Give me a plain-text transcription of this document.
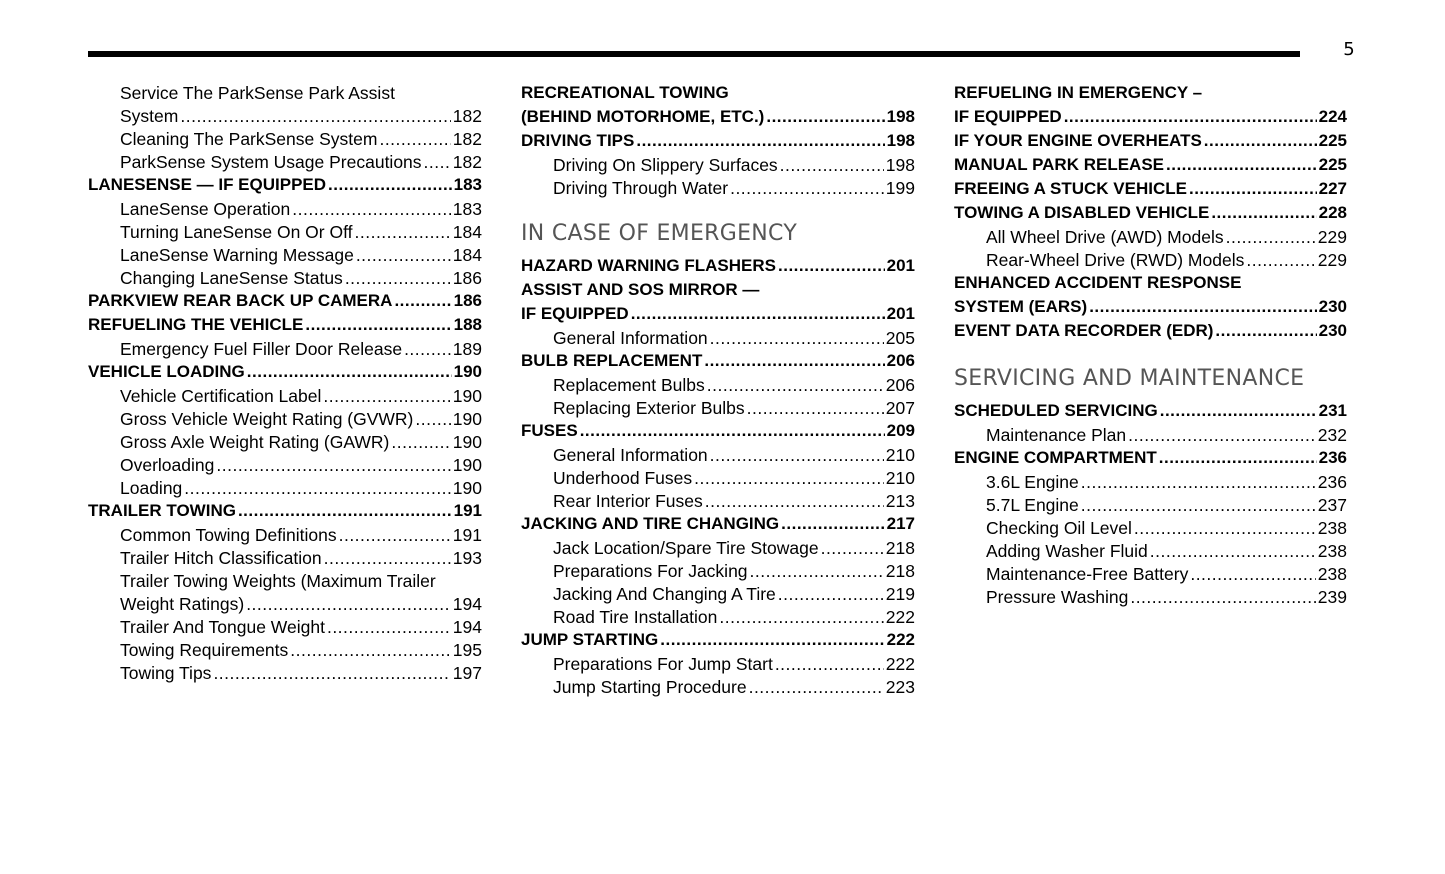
5
Service The ParkSense Park Assist
System .....	182
Cleaning The ParkSense System .....	182
ParkSense System Usage Precautions ..... 182
LANESENSE — IF EQUIPPED .....	183
LaneSense Operation .....	183
Turning LaneSense On Or Off .....	184
LaneSense Warning Message .....	184
Changing LaneSense Status .....	186
PARKVIEW REAR BACK UP CAMERA .....	186
REFUELING THE VEHICLE .....	188
Emergency Fuel Filler Door Release .....	189
VEHICLE LOADING .....	190
Vehicle Certification Label .....	190
Gross Vehicle Weight Rating (GVWR) ..... 190
Gross Axle Weight Rating (GAWR) .....	190
Overloading .....	190
Loading .....	190
TRAILER TOWING .....	191
Common Towing Definitions .....	191
Trailer Hitch Classification .....	193
Trailer Towing Weights (Maximum Trailer
Weight Ratings) .....	194
Trailer And Tongue Weight .....	194
Towing Requirements .....	195
Towing Tips .....	197
RECREATIONAL TOWING
(BEHIND MOTORHOME, ETC.) .....	198
DRIVING TIPS .....	198
Driving On Slippery Surfaces .....	198
Driving Through Water .....	199
IN CASE OF EMERGENCY
HAZARD WARNING FLASHERS .....	201
ASSIST AND SOS MIRROR —
IF EQUIPPED .....	201
General Information .....	205
BULB REPLACEMENT .....	206
Replacement Bulbs .....	206
Replacing Exterior Bulbs .....	207
FUSES .....	209
General Information .....	210
Underhood Fuses .....	210
Rear Interior Fuses .....	213
JACKING AND TIRE CHANGING .....	217
Jack Location/Spare Tire Stowage .....	218
Preparations For Jacking .....	218
Jacking And Changing A Tire .....	219
Road Tire Installation .....	222
JUMP STARTING .....	222
Preparations For Jump Start .....	222
Jump Starting Procedure .....	223
REFUELING IN EMERGENCY –
IF EQUIPPED .....	224
IF YOUR ENGINE OVERHEATS .....	225
MANUAL PARK RELEASE .....	225
FREEING A STUCK VEHICLE .....	227
TOWING A DISABLED VEHICLE .....	228
All Wheel Drive (AWD) Models .....	229
Rear-Wheel Drive (RWD) Models .....	229
ENHANCED ACCIDENT RESPONSE
SYSTEM (EARS) .....	230
EVENT DATA RECORDER (EDR) .....	230
SERVICING AND MAINTENANCE
SCHEDULED SERVICING .....	231
Maintenance Plan .....	232
ENGINE COMPARTMENT .....	236
3.6L Engine .....	236
5.7L Engine .....	237
Checking Oil Level .....	238
Adding Washer Fluid .....	238
Maintenance-Free Battery .....	238
Pressure Washing .....	239
